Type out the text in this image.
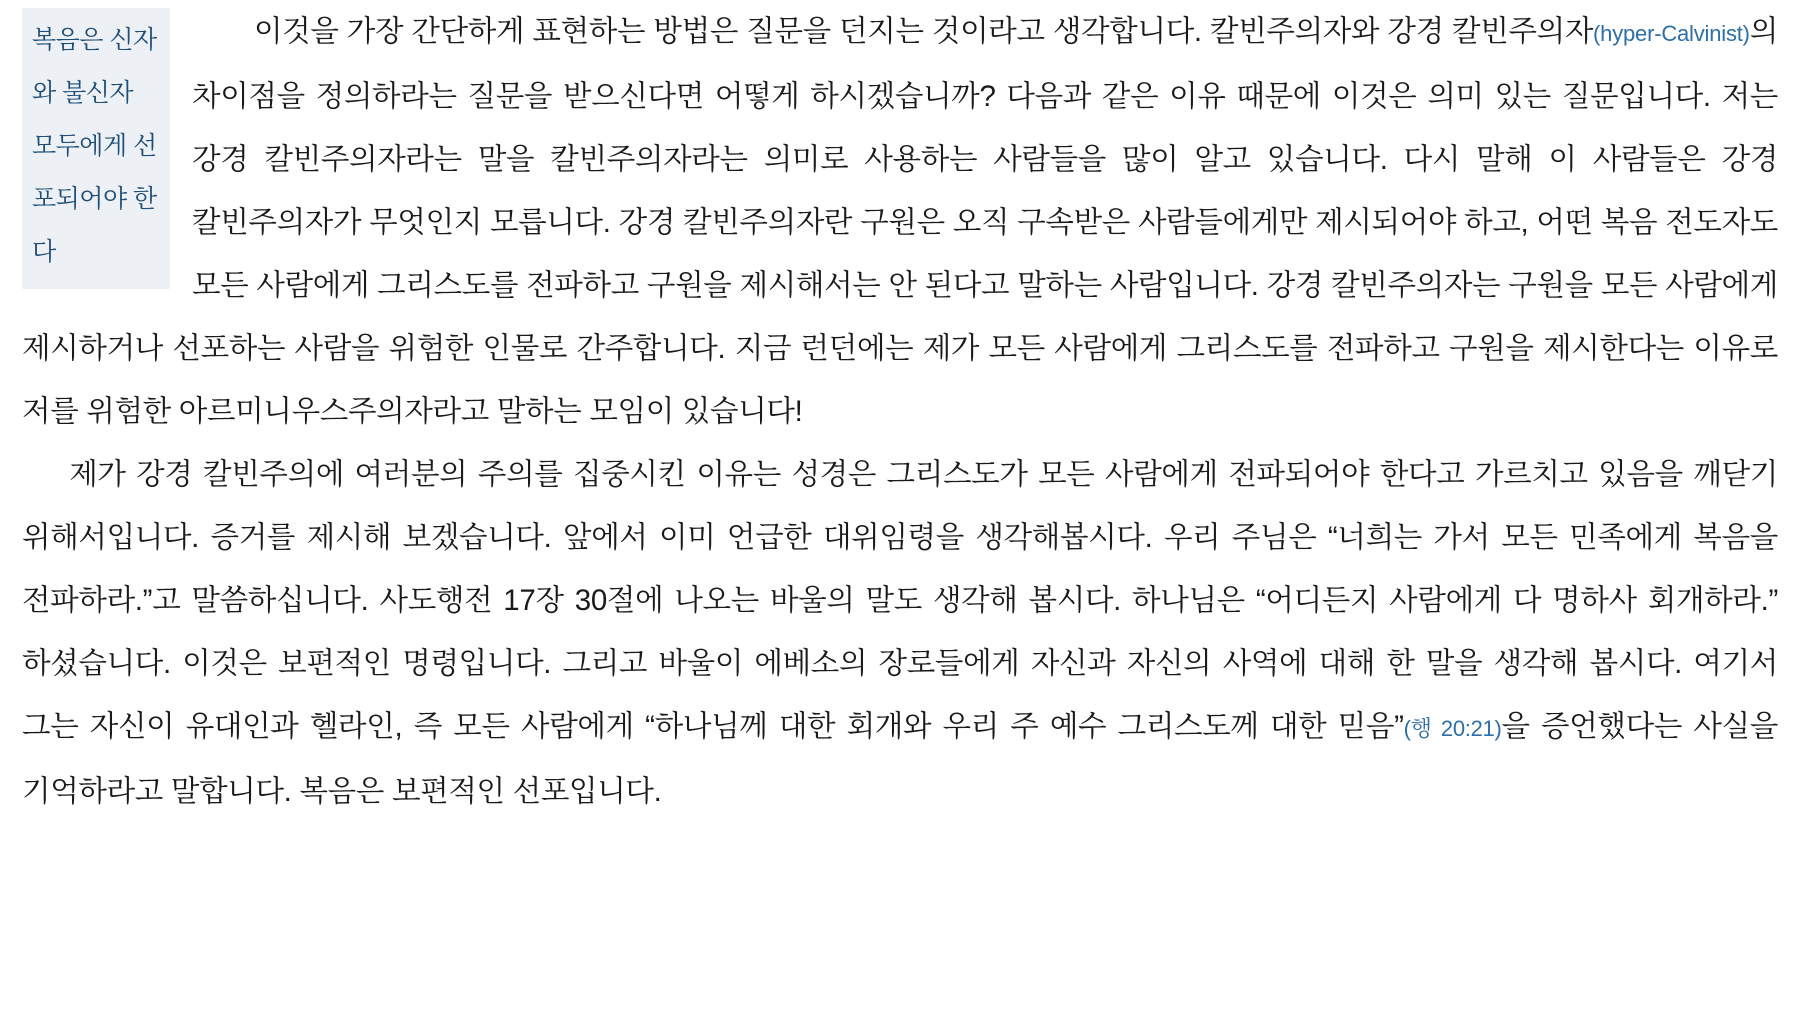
복음은 신자와 불신자 모두에게 선포되어야 한다

이것을 가장 간단하게 표현하는 방법은 질문을 던지는 것이라고 생각합니다. 칼빈주의자와 강경 칼빈주의자(hyper-Calvinist)의 차이점을 정의하라는 질문을 받으신다면 어떻게 하시겠습니까? 다음과 같은 이유 때문에 이것은 의미 있는 질문입니다. 저는 강경 칼빈주의자라는 말을 칼빈주의자라는 의미로 사용하는 사람들을 많이 알고 있습니다. 다시 말해 이 사람들은 강경 칼빈주의자가 무엇인지 모릅니다. 강경 칼빈주의자란 구원은 오직 구속받은 사람들에게만 제시되어야 하고, 어떤 복음 전도자도 모든 사람에게 그리스도를 전파하고 구원을 제시해서는 안 된다고 말하는 사람입니다. 강경 칼빈주의자는 구원을 모든 사람에게 제시하거나 선포하는 사람을 위험한 인물로 간주합니다. 지금 런던에는 제가 모든 사람에게 그리스도를 전파하고 구원을 제시한다는 이유로 저를 위험한 아르미니우스주의자라고 말하는 모임이 있습니다!

제가 강경 칼빈주의에 여러분의 주의를 집중시킨 이유는 성경은 그리스도가 모든 사람에게 전파되어야 한다고 가르치고 있음을 깨닫기 위해서입니다. 증거를 제시해 보겠습니다. 앞에서 이미 언급한 대위임령을 생각해봅시다. 우리 주님은 “너희는 가서 모든 민족에게 복음을 전파하라.”고 말씀하십니다. 사도행전 17장 30절에 나오는 바울의 말도 생각해 봅시다. 하나님은 “어디든지 사람에게 다 명하사 회개하라.” 하셨습니다. 이것은 보편적인 명령입니다. 그리고 바울이 에베소의 장로들에게 자신과 자신의 사역에 대해 한 말을 생각해 봅시다. 여기서 그는 자신이 유대인과 헬라인, 즉 모든 사람에게 “하나님께 대한 회개와 우리 주 예수 그리스도께 대한 믿음”(행 20:21)을 증언했다는 사실을 기억하라고 말합니다. 복음은 보편적인 선포입니다.
